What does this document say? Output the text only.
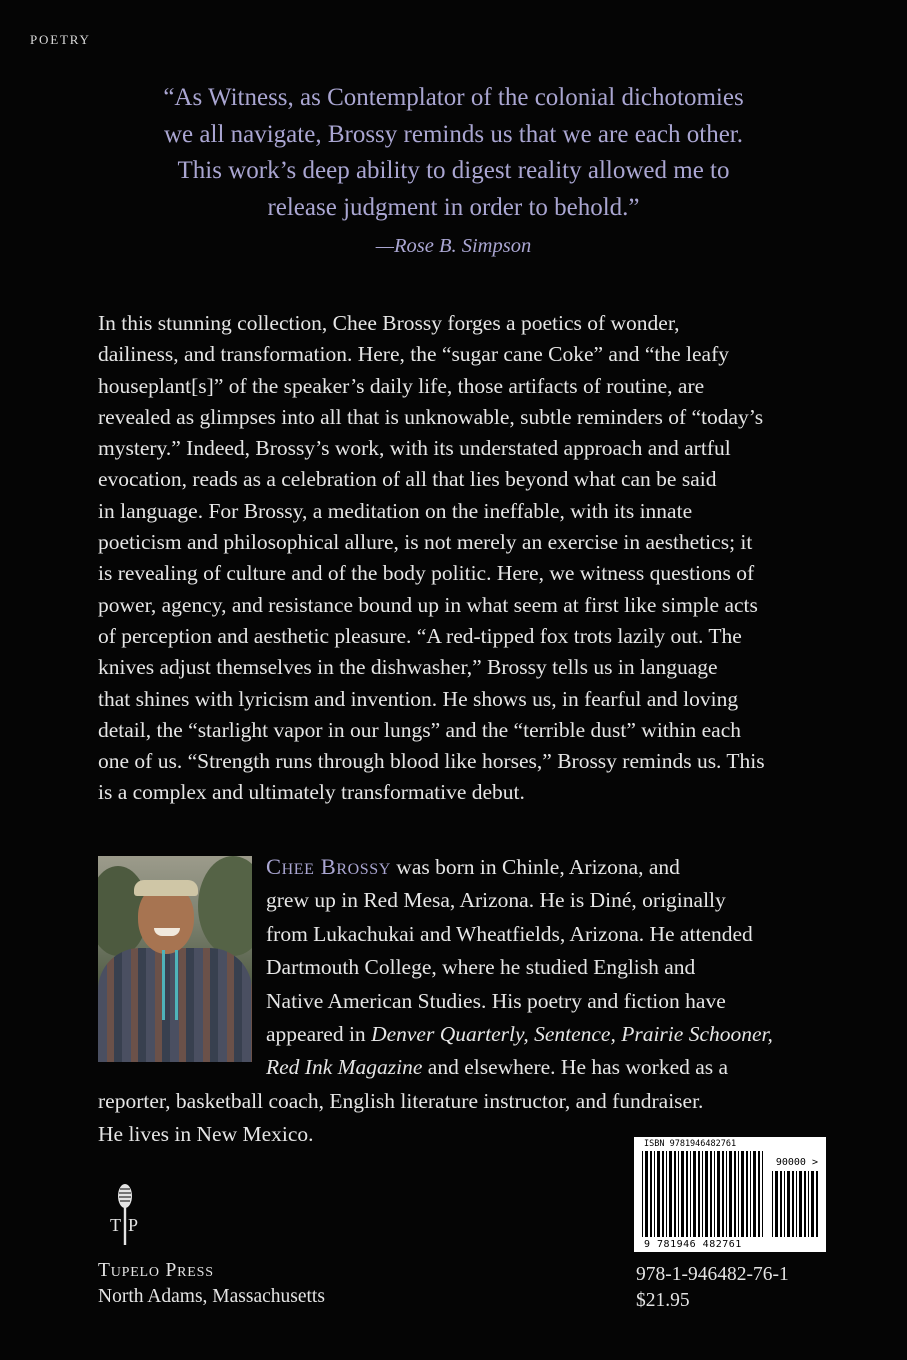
POETRY
“As Witness, as Contemplator of the colonial dichotomies
we all navigate, Brossy reminds us that we are each other.
This work’s deep ability to digest reality allowed me to
release judgment in order to behold.”
—Rose B. Simpson
In this stunning collection, Chee Brossy forges a poetics of wonder,
dailiness, and transformation. Here, the “sugar cane Coke” and “the leafy
houseplant[s]” of the speaker’s daily life, those artifacts of routine, are
revealed as glimpses into all that is unknowable, subtle reminders of “today’s
mystery.” Indeed, Brossy’s work, with its understated approach and artful
evocation, reads as a celebration of all that lies beyond what can be said
in language. For Brossy, a meditation on the ineffable, with its innate
poeticism and philosophical allure, is not merely an exercise in aesthetics; it
is revealing of culture and of the body politic. Here, we witness questions of
power, agency, and resistance bound up in what seem at first like simple acts
of perception and aesthetic pleasure. “A red-tipped fox trots lazily out. The
knives adjust themselves in the dishwasher,” Brossy tells us in language
that shines with lyricism and invention. He shows us, in fearful and loving
detail, the “starlight vapor in our lungs” and the “terrible dust” within each
one of us. “Strength runs through blood like horses,” Brossy reminds us. This
is a complex and ultimately transformative debut.
Chee Brossy was born in Chinle, Arizona, and
grew up in Red Mesa, Arizona. He is Diné, originally
from Lukachukai and Wheatfields, Arizona. He attended
Dartmouth College, where he studied English and
Native American Studies. His poetry and fiction have
appeared in Denver Quarterly, Sentence, Prairie Schooner,
Red Ink Magazine and elsewhere. He has worked as a
reporter, basketball coach, English literature instructor, and fundraiser.
He lives in New Mexico.
T P
Tupelo Press
North Adams, Massachusetts
ISBN 9781946482761
90000 >
9 781946 482761
978-1-946482-76-1
$21.95
